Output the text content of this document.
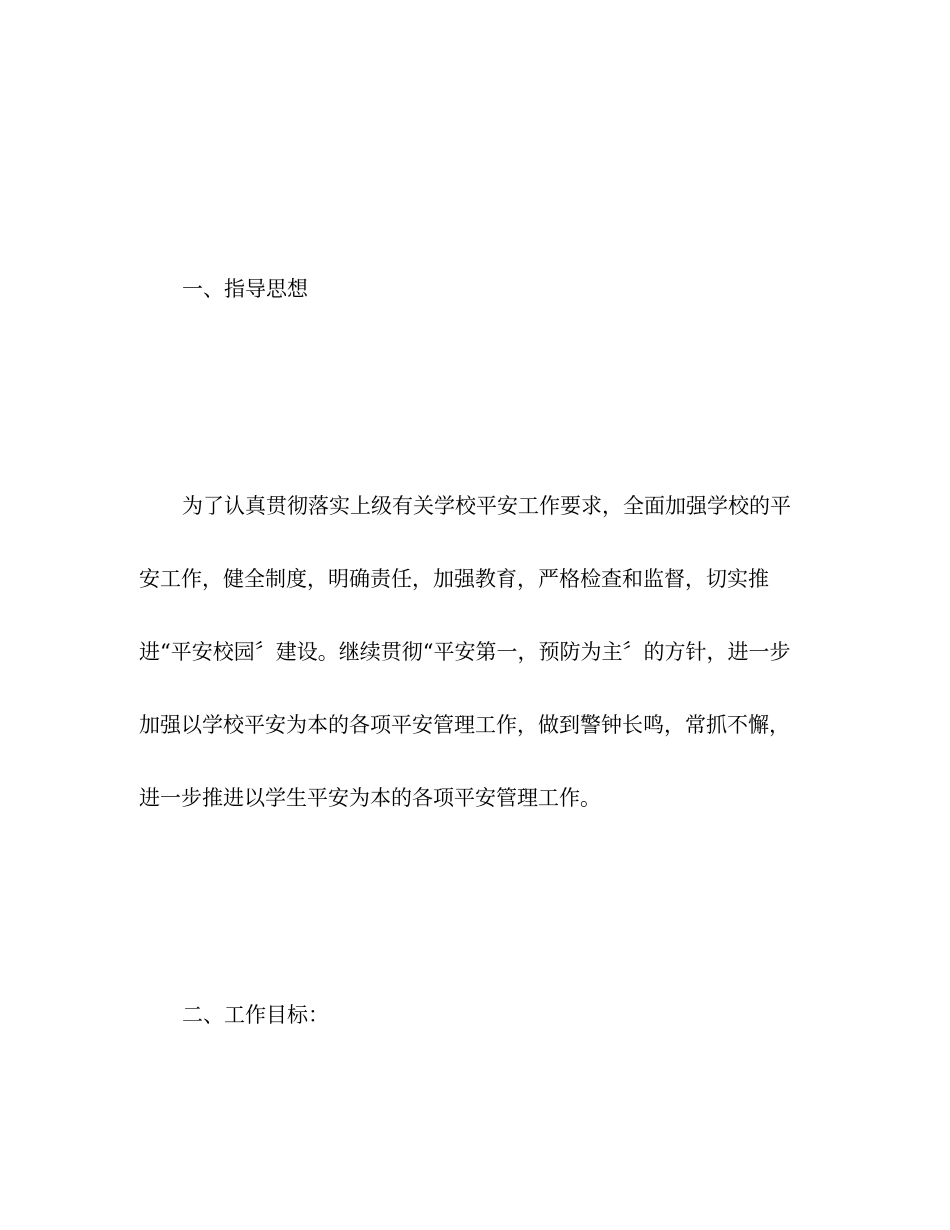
一、指导思想
为了认真贯彻落实上级有关学校平安工作要求，全面加强学校的平
安工作，健全制度，明确责任，加强教育，严格检查和监督，切实推
进“平安校园〞建设。继续贯彻“平安第一，预防为主〞的方针，进一步
加强以学校平安为本的各项平安管理工作，做到警钟长鸣，常抓不懈，
进一步推进以学生平安为本的各项平安管理工作。
二、工作目标：
